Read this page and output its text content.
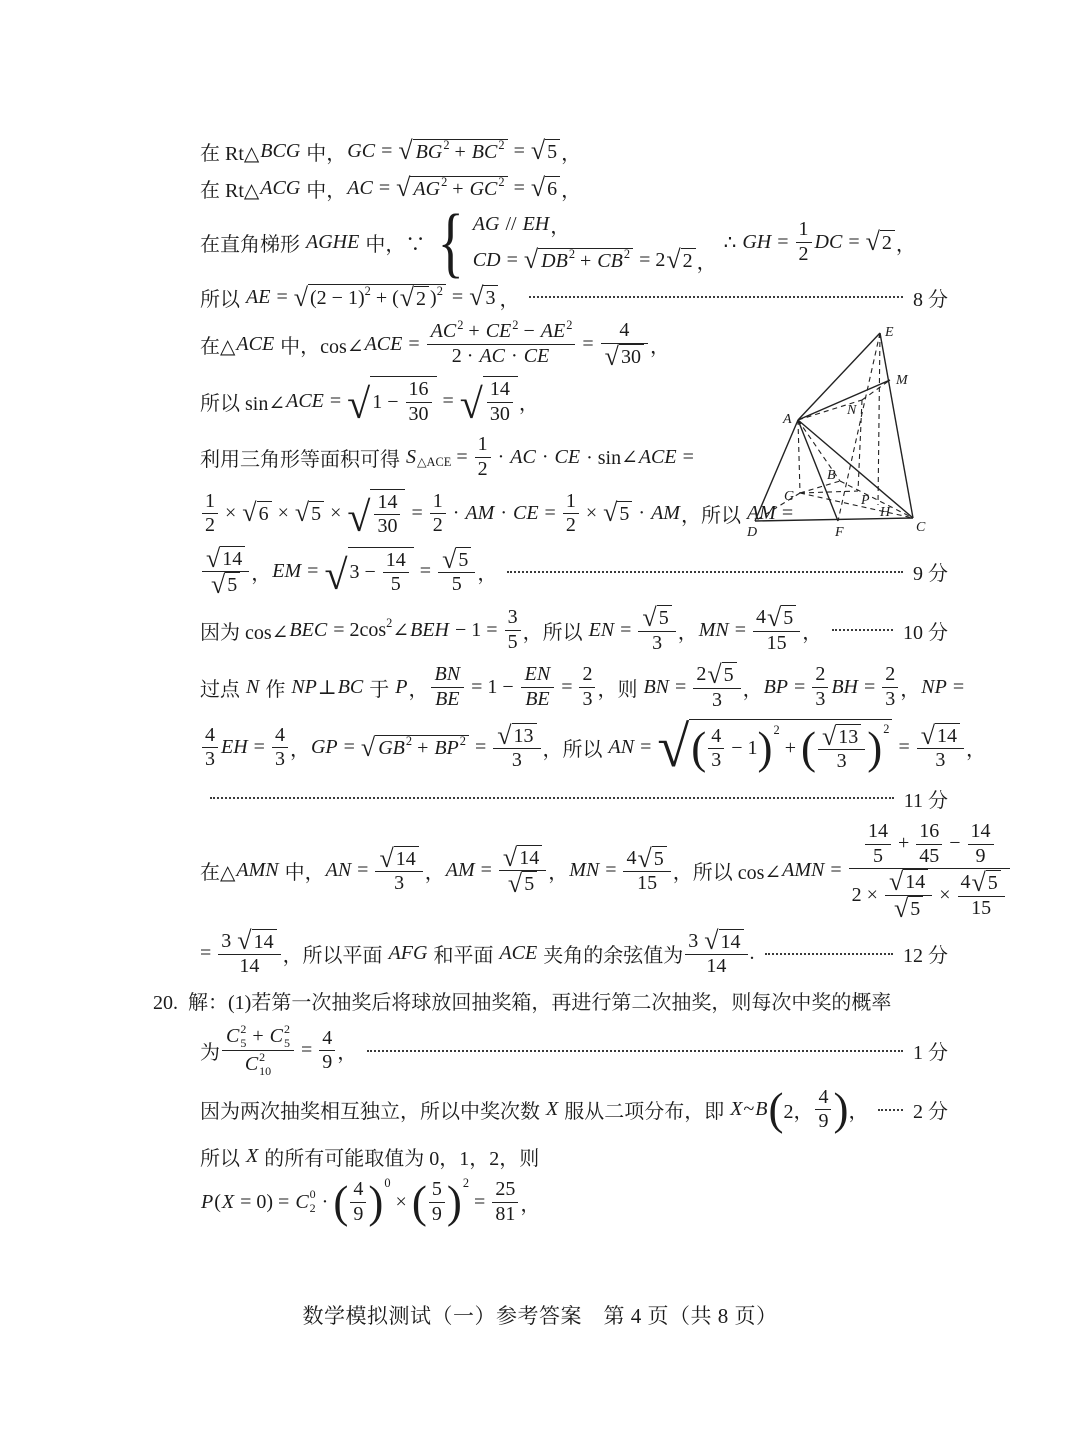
在 Rt△ BCG 中， GC = √ BG 2 + BC 2 = √ 5 ，
在 Rt△ ACG 中， AC = √ AG 2 + GC 2 = √ 6 ，
在直角梯形 AGHE 中，∵ { AG // EH ，
CD = √ DB 2 + CB 2 = 2 √ 2 ，
∴ GH = $\frac{1}{2}$ DC = √ 2 ，
所以 AE = √ (2 − 1) 2 + ( √ 2 ) 2 = √ 3 ，	8 分
在△ ACE 中，cos∠ ACE = $\frac{AC 2 + CE 2 - AE 2}{2 \cdot AC \cdot CE} = \frac{4}{√ 30}$ ，
所以 sin∠ ACE = √ $1 - \frac{16}{30}$ = √ $\frac{14}{30}$ ，
利用三角形等面积可得 S △ACE = $\frac{1}{2}$ · AC · CE · sin∠ ACE =
$\frac{1}{2}$ × √ 6 × √ 5 × √ $\frac{14}{30} = \frac{1}{2}$ · AM · CE = $\frac{1}{2}$ × √ 5 · AM ，所以 AM =
$\frac{√ 14}{√ 5}$ ， EM = √ $3 - \frac{14}{5} = \frac{√ 5}{5}$ ，	9 分
因为 cos∠ BEC = 2cos 2 ∠ BEH − $1 = \frac{3}{5}$ ，所以 EN = $\frac{√ 5}{3}$ ， MN = $\frac{4 √ 5}{15}$ ，	10 分
过点 N 作 NP ⊥ BC 于 P ， $\frac{BN}{BE} = 1 - \frac{EN}{BE} = \frac{2}{3}$ ，则 BN = $\frac{2 √ 5}{3}$ ， BP = $\frac{2}{3}$ BH = $\frac{2}{3}$ ， NP =
$\frac{4}{3}$ EH = $\frac{4}{3}$ ， GP = √ GB 2 + BP $2 = \frac{√ 13}{3}$ ，所以 AN = √ ( $\frac{4}{3} - 1$ ) 2
+ ( $\frac{√ 13}{3}$ ) 2
= $\frac{√ 14}{3}$ ，
11 分
在△ AMN 中， AN = $\frac{√ 14}{3}$ ， AM = $\frac{√ 14}{√ 5}$ ， MN = $\frac{4 √ 5}{15}$ ，所以 cos∠ AMN = $\frac{\frac{14}{5} + \frac{16}{45} - \frac{14}{9}}{2 \times \frac{√ 14}{√ 5} \times \frac{4 √ 5}{15}}$
= $\frac{3 √ 14}{14}$ ，所以平面 AFG 和平面 ACE 夹角的余弦值为 $\frac{3 √ 14}{14}$ .	12 分
20.  解：(1)若第一次抽奖后将球放回抽奖箱，再进行第二次抽奖，则每次中奖的概率
为 C 2
5 + C 2
5
C 2
$10 = \frac{4}{9}$ ，	1 分
因为两次抽奖相互独立，所以中奖次数 X 服从二项分布，即 X ~ B ( 2， $\frac{4}{9}$ ) ， 2 分
所以 X 的所有可能取值为 0，1，2，则
P ( X = 0) = C 0
2 · ( $\frac{4}{9}$ ) 0
× ( $\frac{5}{9}$ ) 2
= $\frac{25}{81}$ ，
A
B
C
D
E
F
G
H
M
N
P
数学模拟测试（一）参考答案　第 4 页（共 8 页）
